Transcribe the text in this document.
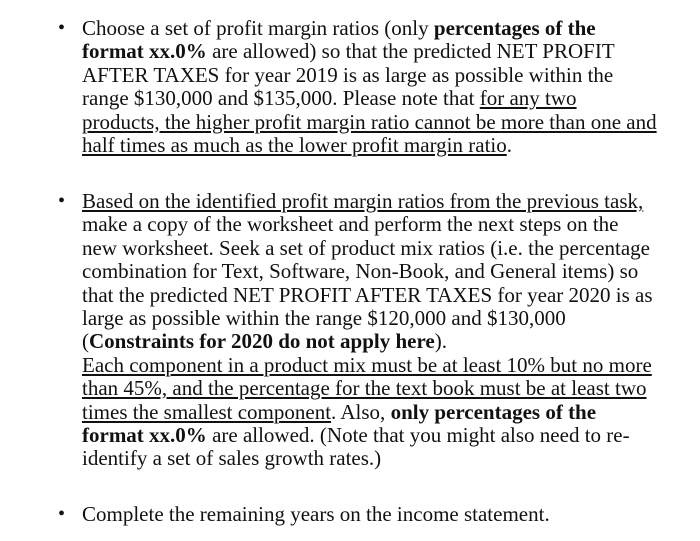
• Choose a set of profit margin ratios (only percentages of the format xx.0% are allowed) so that the predicted NET PROFIT AFTER TAXES for year 2019 is as large as possible within the range $130,000 and $135,000. Please note that for any two products, the higher profit margin ratio cannot be more than one and half times as much as the lower profit margin ratio.
• Based on the identified profit margin ratios from the previous task, make a copy of the worksheet and perform the next steps on the new worksheet. Seek a set of product mix ratios (i.e. the percentage combination for Text, Software, Non-Book, and General items) so that the predicted NET PROFIT AFTER TAXES for year 2020 is as large as possible within the range $120,000 and $130,000 (Constraints for 2020 do not apply here).
Each component in a product mix must be at least 10% but no more than 45%, and the percentage for the text book must be at least two times the smallest component. Also, only percentages of the format xx.0% are allowed. (Note that you might also need to re-identify a set of sales growth rates.)
• Complete the remaining years on the income statement.
